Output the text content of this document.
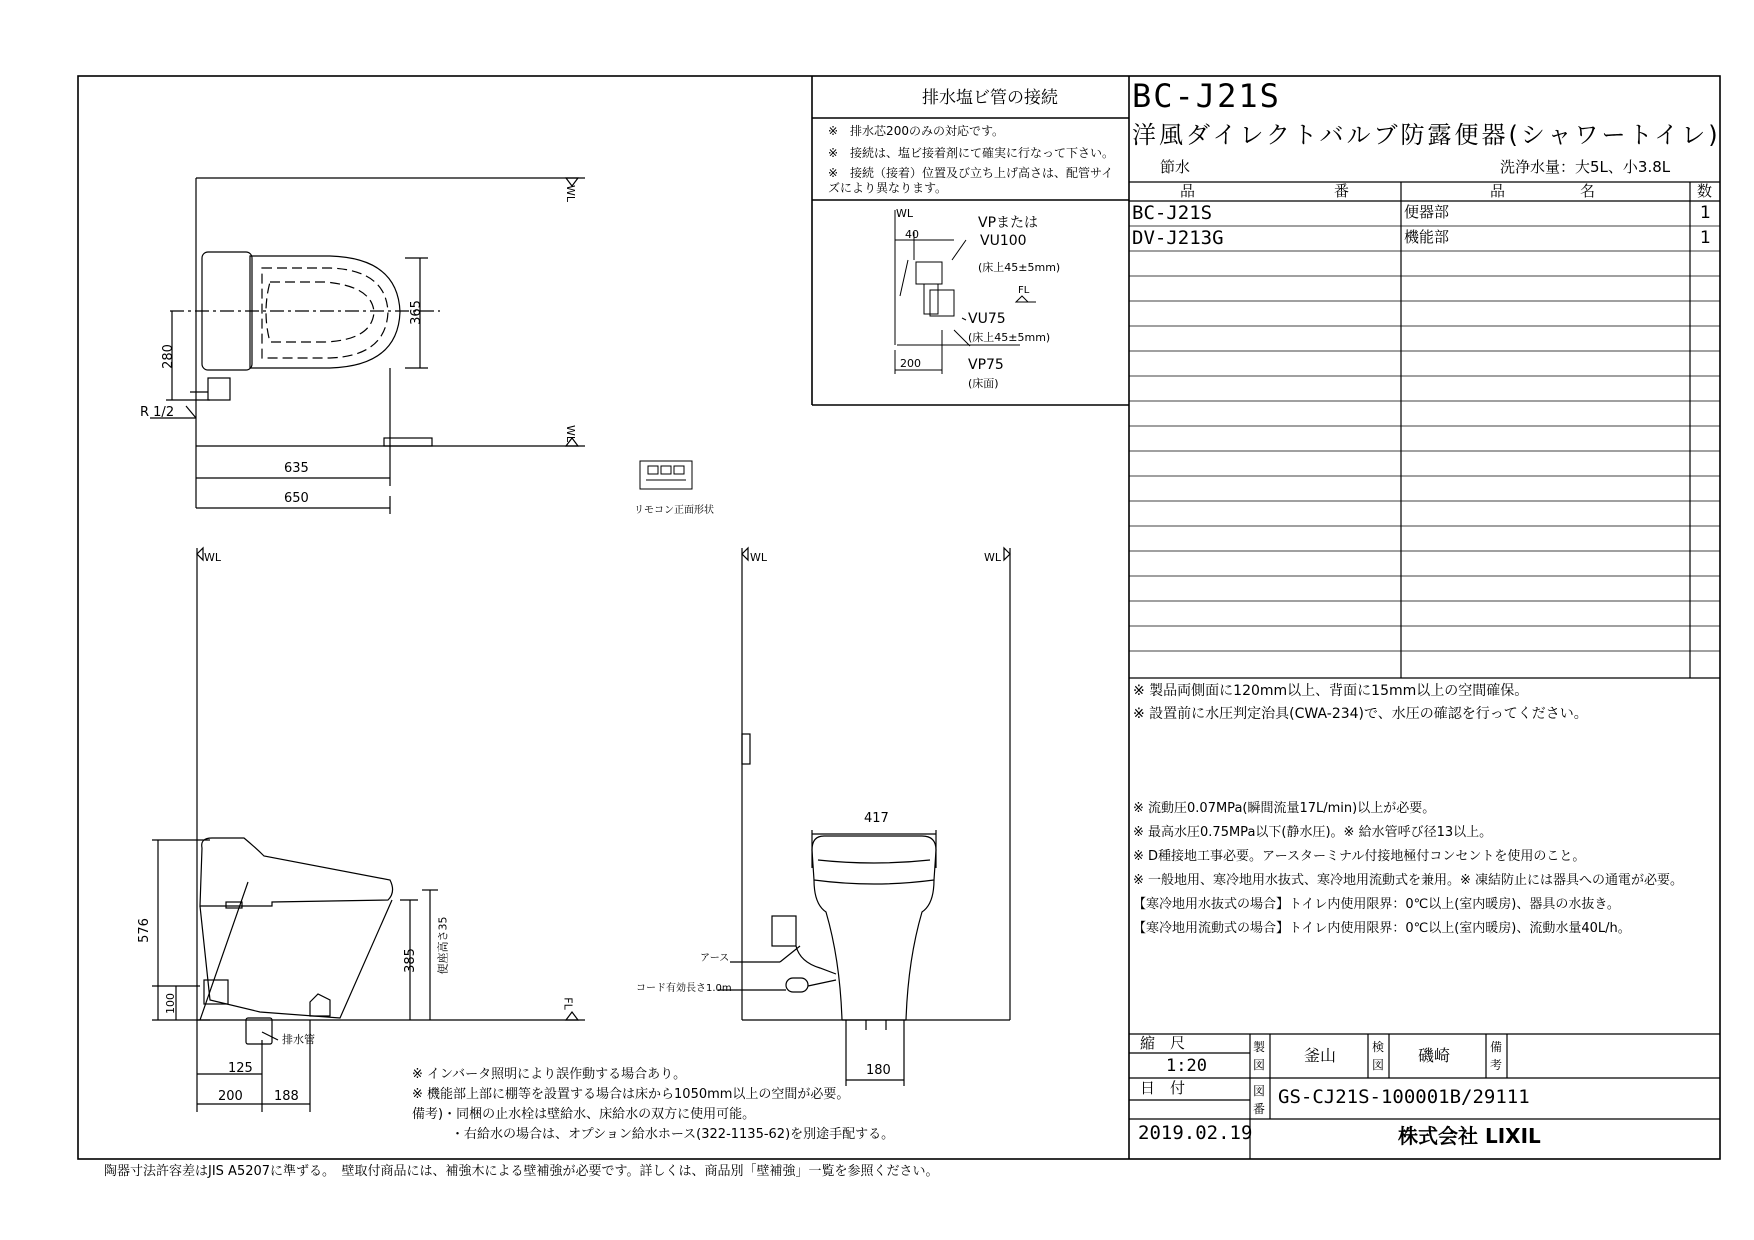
排水塩ビ管の接続
※　排水芯200のみの対応です。
※　接続は、塩ビ接着剤にて確実に行なって下さい。
※　接続（接着）位置及び立ち上げ高さは、配管サイズにより異なります。
WL
40
200
VPまたは
VU100
(床上45±5mm)
FL
VU75
(床上45±5mm)
VP75
(床面)
BC-J21S
洋風ダイレクトバルブ防露便器(シャワートイレ)
節水	洗浄水量：大5L、小3.8L
品	番	品	名	数
BC-J21S	便器部	1
DV-J213G	機能部	1
※ 製品両側面に120mm以上、背面に15mm以上の空間確保。
※ 設置前に水圧判定治具(CWA-234)で、水圧の確認を行ってください。
※ 流動圧0.07MPa(瞬間流量17L/min)以上が必要。
※ 最高水圧0.75MPa以下(静水圧)。※ 給水管呼び径13以上。
※ D種接地工事必要。アースターミナル付接地極付コンセントを使用のこと。
※ 一般地用、寒冷地用水抜式、寒冷地用流動式を兼用。※ 凍結防止には器具への通電が必要。
【寒冷地用水抜式の場合】トイレ内使用限界：0℃以上(室内暖房)、器具の水抜き。
【寒冷地用流動式の場合】トイレ内使用限界：0℃以上(室内暖房)、流動水量40L/h。
縮　尺
1:20
日　付
2019.02.19
製図 釜山	検図 磯崎	備考
図番
GS-CJ21S-100001B/29111
株式会社 LIXIL
WL
WL
365
280
R 1/2
635
650
リモコン正面形状
WL
FL
576
385
100
便座高さ35
排水管
125
200 188
WL	WL
417
アース
コード有効長さ1.0m
180
※ インバータ照明により誤作動する場合あり。
※ 機能部上部に棚等を設置する場合は床から1050mm以上の空間が必要。
備考)・同梱の止水栓は壁給水、床給水の双方に使用可能。
　　　・右給水の場合は、オプション給水ホース(322-1135-62)を別途手配する。
陶器寸法許容差はJIS A5207に準ずる。　壁取付商品には、補強木による壁補強が必要です。詳しくは、商品別「壁補強」一覧を参照ください。
